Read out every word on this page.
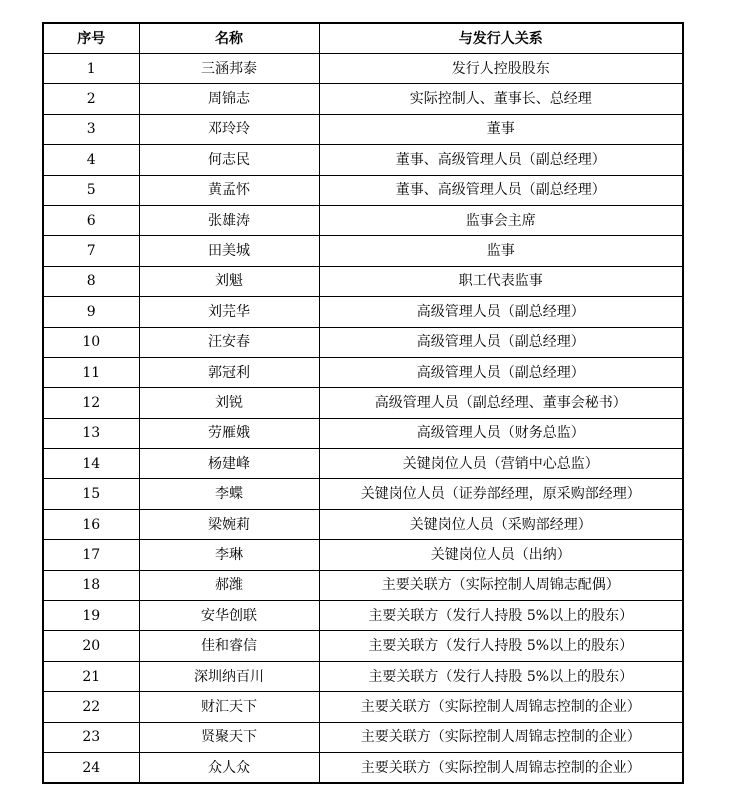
序号	名称	与发行人关系
1	三涵邦泰	发行人控股股东
2	周锦志	实际控制人、董事长、总经理
3	邓玲玲	董事
4	何志民	董事、高级管理人员（副总经理）
5	黄孟怀	董事、高级管理人员（副总经理）
6	张雄涛	监事会主席
7	田美城	监事
8	刘魁	职工代表监事
9	刘芫华	高级管理人员（副总经理）
10	汪安春	高级管理人员（副总经理）
11	郭冠利	高级管理人员（副总经理）
12	刘锐	高级管理人员（副总经理、董事会秘书）
13	劳雁娥	高级管理人员（财务总监）
14	杨建峰	关键岗位人员（营销中心总监）
15	李蝶	关键岗位人员（证券部经理，原采购部经理）
16	梁婉莉	关键岗位人员（采购部经理）
17	李琳	关键岗位人员（出纳）
18	郝潍	主要关联方（实际控制人周锦志配偶）
19	安华创联	主要关联方（发行人持股 5%以上的股东）
20	佳和睿信	主要关联方（发行人持股 5%以上的股东）
21	深圳纳百川	主要关联方（发行人持股 5%以上的股东）
22	财汇天下	主要关联方（实际控制人周锦志控制的企业）
23	贤聚天下	主要关联方（实际控制人周锦志控制的企业）
24	众人众	主要关联方（实际控制人周锦志控制的企业）
